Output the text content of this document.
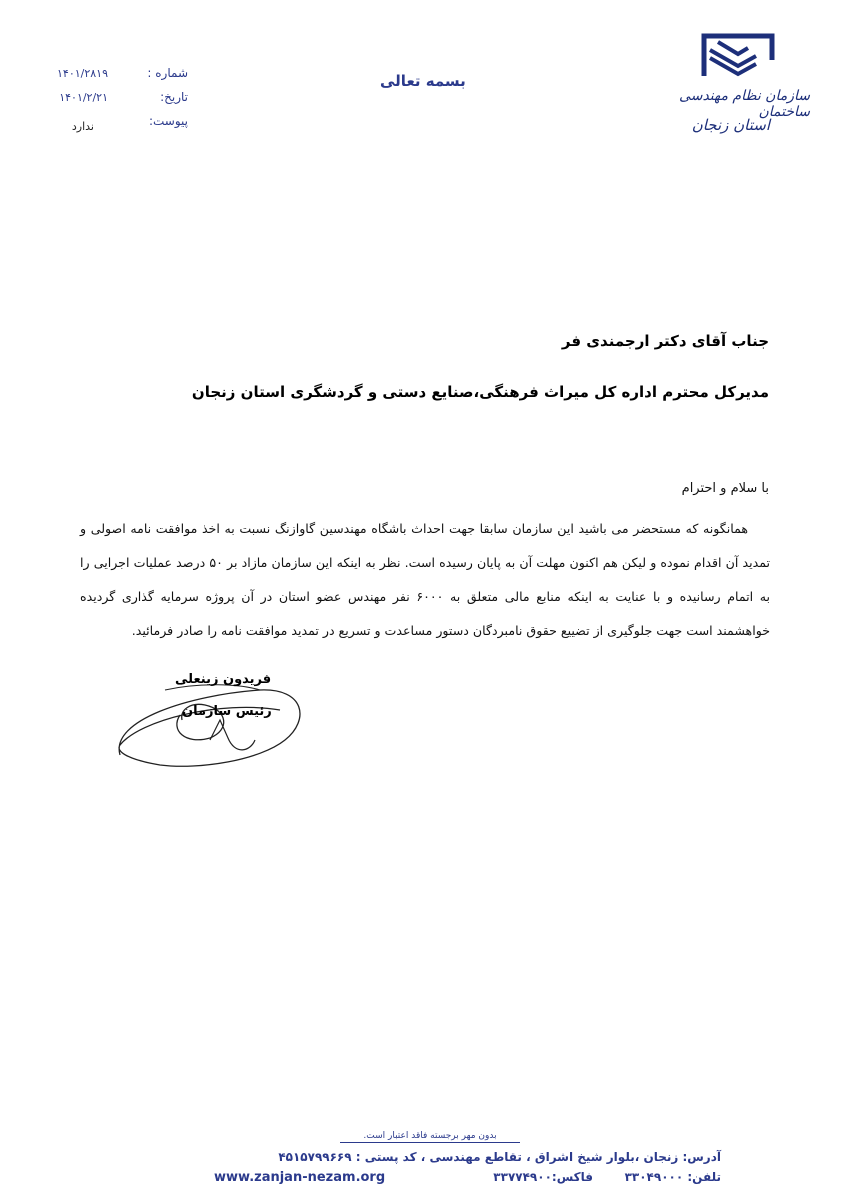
سازمان نظام مهندسی ساختمان
استان زنجان
بسمه تعالی
شماره :
۱۴۰۱/۲۸۱۹
تاریخ:
۱۴۰۱/۲/۲۱
پیوست:
ندارد
جناب آقای دکتر ارجمندی فر
مدیرکل محترم اداره کل میراث فرهنگی،صنایع دستی و گردشگری استان زنجان
با سلام و احترام

همانگونه که مستحضر می باشید این سازمان سابقا جهت احداث باشگاه مهندسین گاوازنگ نسبت به اخذ موافقت نامه اصولی و تمدید آن اقدام نموده و لیکن هم اکنون مهلت آن به پایان رسیده است. نظر به اینکه این سازمان مازاد بر ۵۰ درصد عملیات اجرایی را به اتمام رسانیده و با عنایت به اینکه منابع مالی متعلق به ۶۰۰۰ نفر مهندس عضو استان در آن پروژه سرمایه گذاری گردیده خواهشمند است جهت جلوگیری از تضییع حقوق نامبردگان دستور مساعدت و تسریع در تمدید موافقت نامه را صادر فرمائید.

فریدون زینعلی
رئیس سازمان
بدون مهر برجسته فاقد اعتبار است.
آدرس: زنجان ،بلوار شیخ اشراق ، تقاطع مهندسی ، کد پستی : ۴۵۱۵۷۹۹۶۶۹
تلفن: ۳۳۰۴۹۰۰۰
فاکس:۳۳۷۷۴۹۰۰
www.zanjan-nezam.org
